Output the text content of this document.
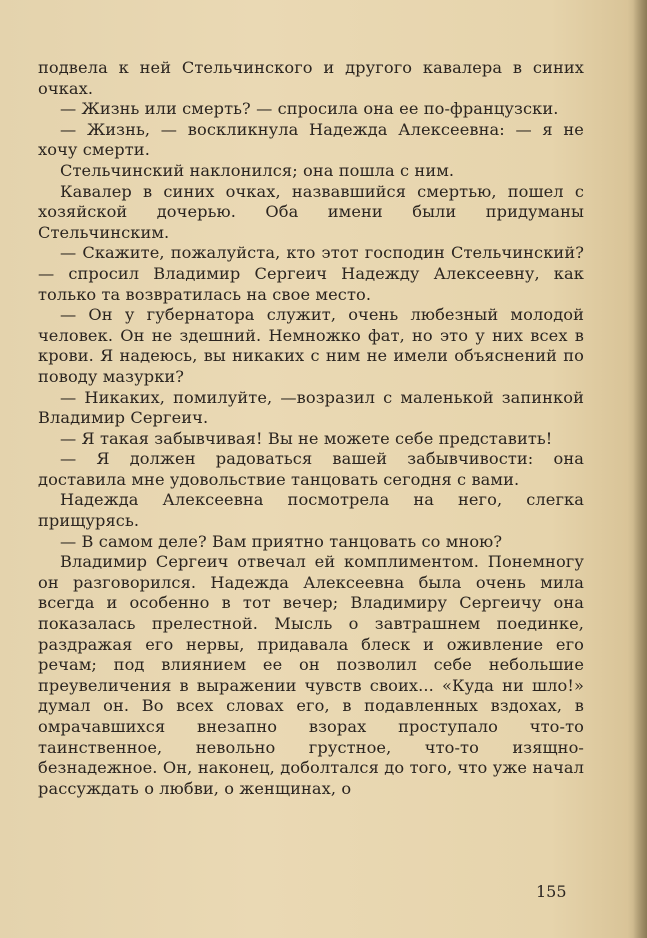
подвела к ней Стельчинского и другого кавалера в синих очках.

— Жизнь или смерть? — спросила она ее по-французски.

— Жизнь, — воскликнула Надежда Алексеевна: — я не хочу смерти.

Стельчинский наклонился; она пошла с ним.

Кавалер в синих очках, назвавшийся смертью, пошел с хозяйской дочерью. Оба имени были придуманы Стельчинским.

— Скажите, пожалуйста, кто этот господин Стельчинский? — спросил Владимир Сергеич Надежду Алексеевну, как только та возвратилась на свое место.

— Он у губернатора служит, очень любезный молодой человек. Он не здешний. Немножко фат, но это у них всех в крови. Я надеюсь, вы никаких с ним не имели объяснений по поводу мазурки?

— Никаких, помилуйте, —возразил с маленькой запинкой Владимир Сергеич.

— Я такая забывчивая! Вы не можете себе представить!

— Я должен радоваться вашей забывчивости: она доставила мне удовольствие танцовать сегодня с вами.

Надежда Алексеевна посмотрела на него, слегка прищурясь.

— В самом деле? Вам приятно танцовать со мною?

Владимир Сергеич отвечал ей комплиментом. Понемногу он разговорился. Надежда Алексеевна была очень мила всегда и особенно в тот вечер; Владимиру Сергеичу она показалась прелестной. Мысль о завтрашнем поединке, раздражая его нервы, придавала блеск и оживление его речам; под влиянием ее он позволил себе небольшие преувеличения в выражении чувств своих... «Куда ни шло!» думал он. Во всех словах его, в подавленных вздохах, в омрачавшихся внезапно взорах проступало что-то таинственное, невольно грустное, что-то изящно-безнадежное. Он, наконец, доболтался до того, что уже начал рассуждать о любви, о женщинах, о

155
